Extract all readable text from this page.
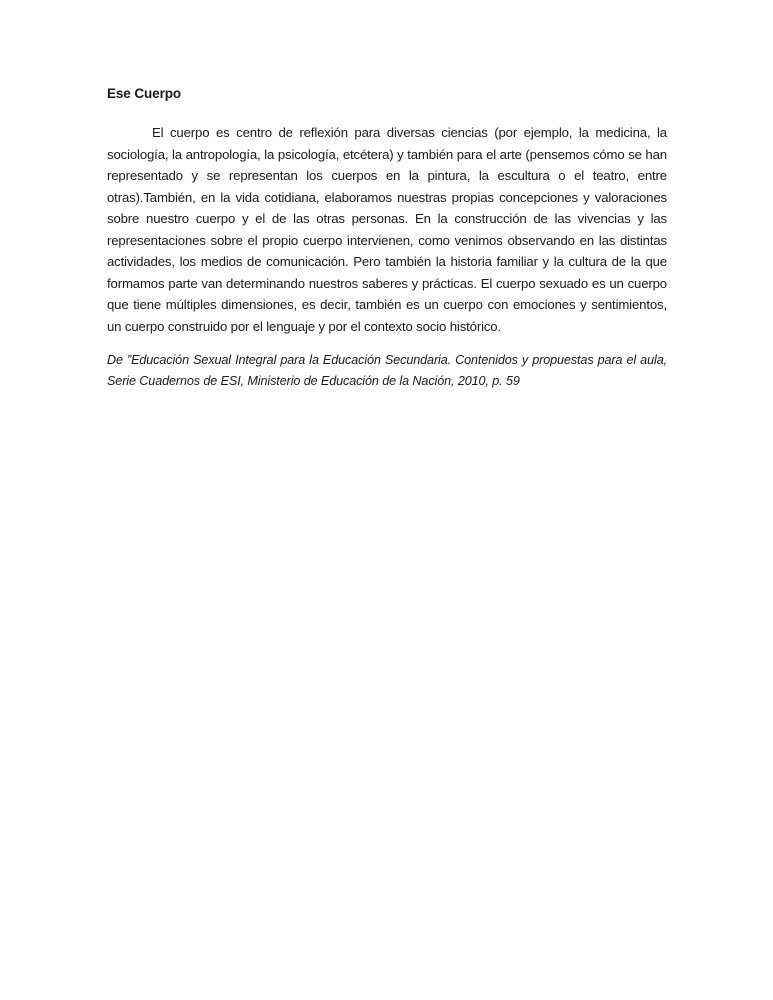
Ese Cuerpo

El cuerpo es centro de reflexión para diversas ciencias (por ejemplo, la medicina, la sociología, la antropología, la psicología, etcétera) y también para el arte (pensemos cómo se han representado y se representan los cuerpos en la pintura, la escultura o el teatro, entre otras).También, en la vida cotidiana, elaboramos nuestras propias concepciones y valoraciones sobre nuestro cuerpo y el de las otras personas. En la construcción de las vivencias y las representaciones sobre el propio cuerpo intervienen, como venimos observando en las distintas actividades, los medios de comunicación. Pero también la historia familiar y la cultura de la que formamos parte van determinando nuestros saberes y prácticas. El cuerpo sexuado es un cuerpo que tiene múltiples dimensiones, es decir, también es un cuerpo con emociones y sentimientos, un cuerpo construido por el lenguaje y por el contexto socio histórico.

De ”Educación Sexual Integral para la Educación Secundaria. Contenidos y propuestas para el aula, Serie Cuadernos de ESI, Ministerio de Educación de la Nación, 2010, p. 59
